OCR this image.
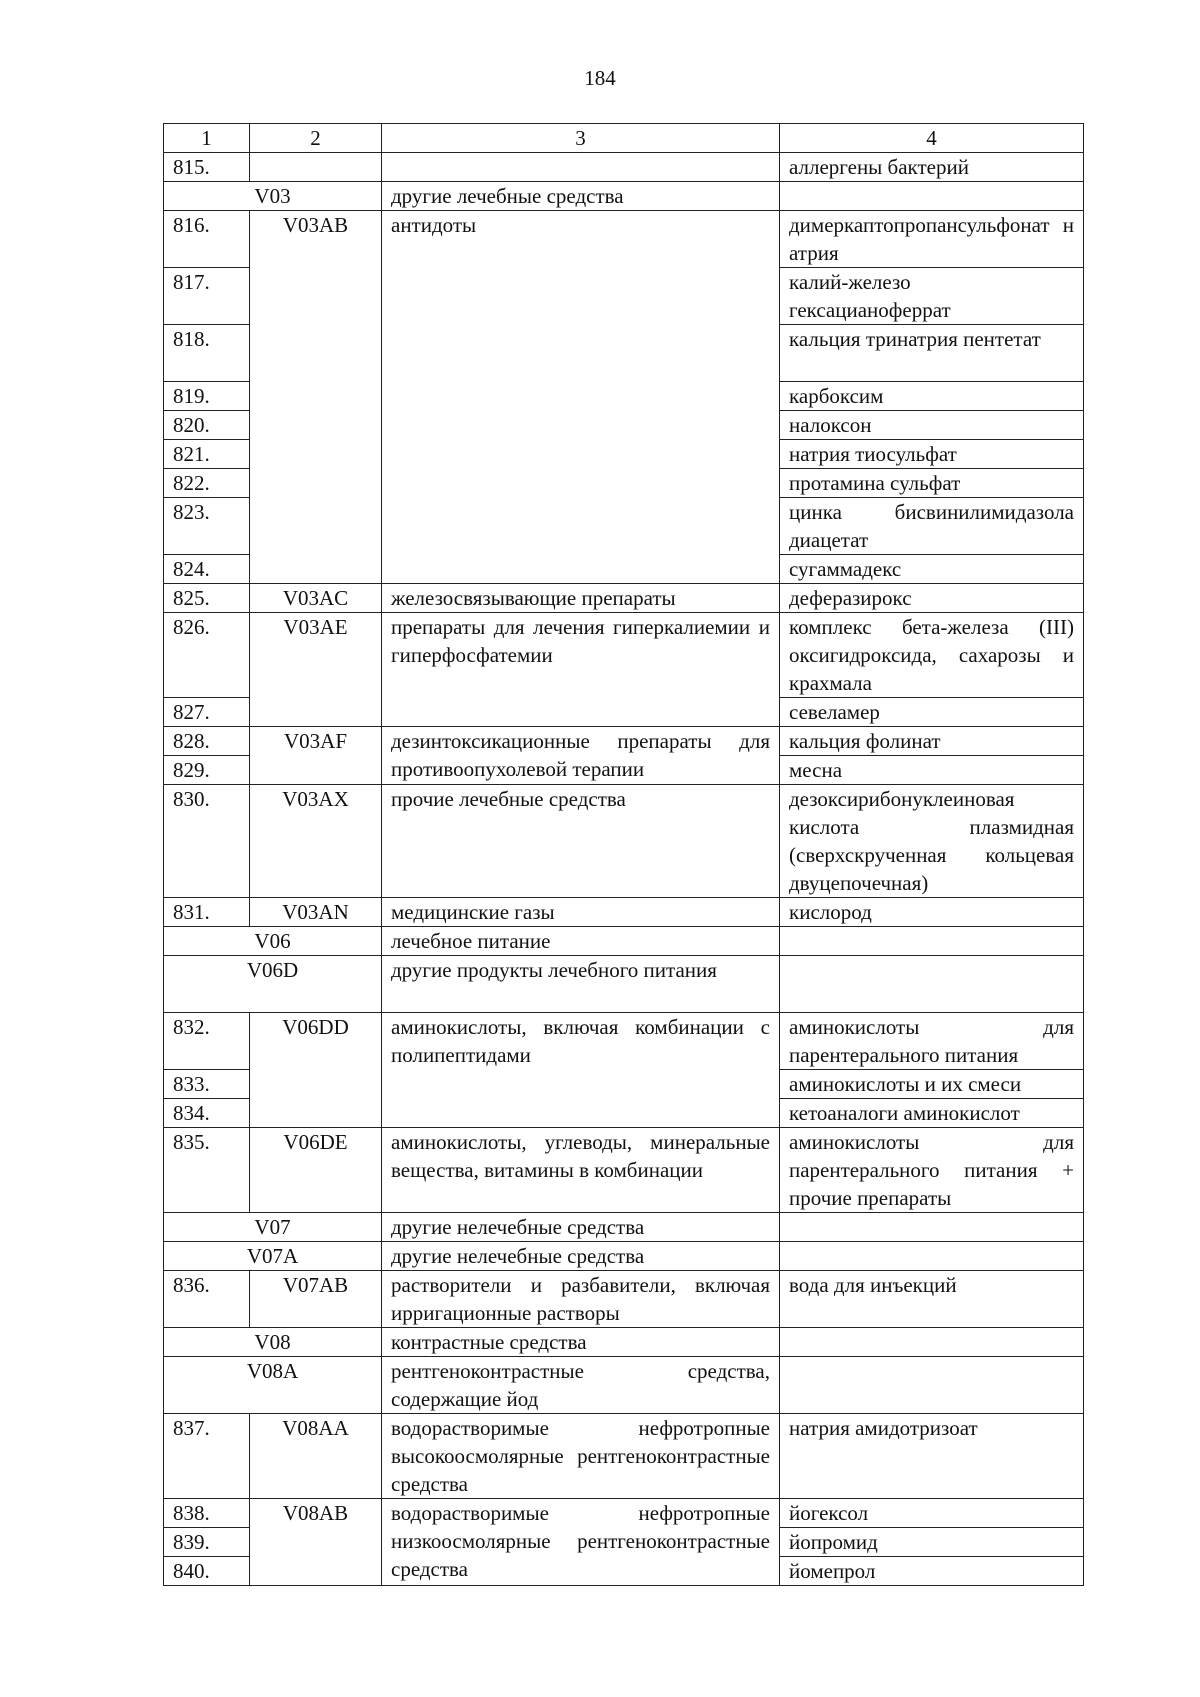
184
1	2	3	4
815.			аллергены бактерий
V03		другие лечебные средства	
816.	V03AB	антидоты	димеркаптопропансульфонат натрия
817.			калий-железо гексацианоферрат
818.			кальция тринатрия пентетат
819.			карбоксим
820.			налоксон
821.			натрия тиосульфат
822.			протамина сульфат
823.			цинка бисвинилимидазола диацетат
824.			сугаммадекс
825.	V03AC	железосвязывающие препараты	деферазирокс
826.	V03AE	препараты для лечения гиперкалиемии и гиперфосфатемии	комплекс бета-железа (III) оксигидроксида, сахарозы и крахмала
827.			севеламер
828.	V03AF	дезинтоксикационные препараты для противоопухолевой терапии	кальция фолинат
829.			месна
830.	V03AX	прочие лечебные средства	дезоксирибонуклеиновая кислота плазмидная (сверхскрученная кольцевая двуцепочечная)
831.	V03AN	медицинские газы	кислород
V06		лечебное питание	
V06D		другие продукты лечебного питания	
832.	V06DD	аминокислоты, включая комбинации с полипептидами	аминокислоты для парентерального питания
833.			аминокислоты и их смеси
834.			кетоаналоги аминокислот
835.	V06DE	аминокислоты, углеводы, минеральные вещества, витамины в комбинации	аминокислоты для парентерального питания + прочие препараты
V07		другие нелечебные средства	
V07A		другие нелечебные средства	
836.	V07AB	растворители и разбавители, включая ирригационные растворы	вода для инъекций
V08		контрастные средства	
V08A		рентгеноконтрастные средства, содержащие йод	
837.	V08AA	водорастворимые нефротропные высокоосмолярные рентгеноконтрастные средства	натрия амидотризоат
838.	V08AB	водорастворимые нефротропные низкоосмолярные рентгеноконтрастные средства	йогексол
839.			йопромид
840.			йомепрол
